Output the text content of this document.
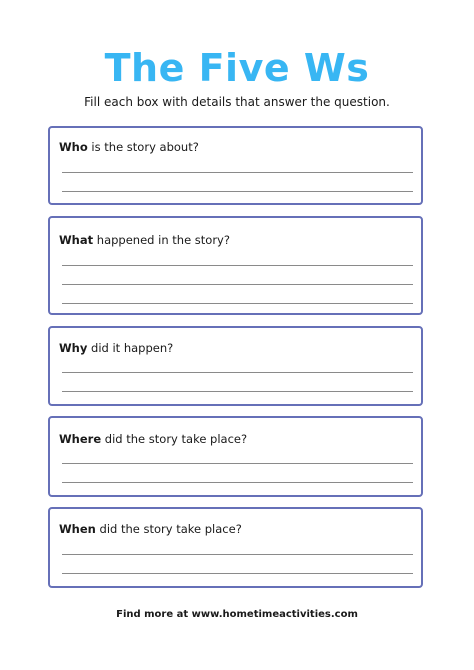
The Five Ws
Fill each box with details that answer the question.
Who is the story about?
What happened in the story?
Why did it happen?
Where did the story take place?
When did the story take place?
Find more at www.hometimeactivities.com
